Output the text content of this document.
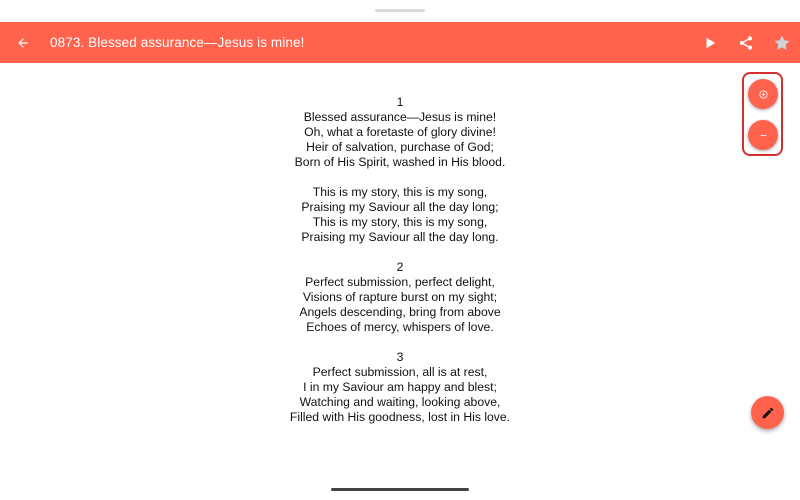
0873. Blessed assurance—Jesus is mine!
1
Blessed assurance—Jesus is mine!
Oh, what a foretaste of glory divine!
Heir of salvation, purchase of God;
Born of His Spirit, washed in His blood.
This is my story, this is my song,
Praising my Saviour all the day long;
This is my story, this is my song,
Praising my Saviour all the day long.
2
Perfect submission, perfect delight,
Visions of rapture burst on my sight;
Angels descending, bring from above
Echoes of mercy, whispers of love.
3
Perfect submission, all is at rest,
I in my Saviour am happy and blest;
Watching and waiting, looking above,
Filled with His goodness, lost in His love.
